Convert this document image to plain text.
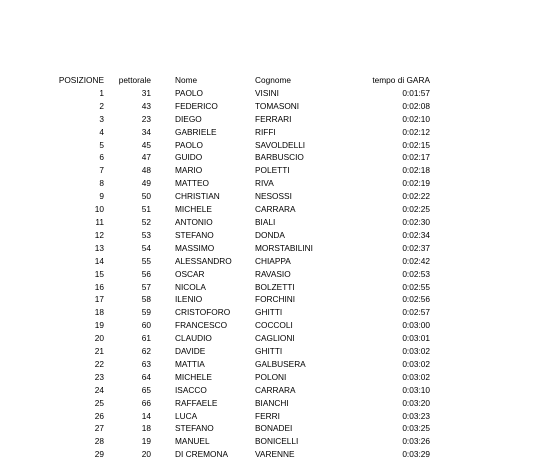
POSIZIONE	pettorale	Nome	Cognome	tempo di GARA
1	31	PAOLO	VISINI	0:01:57
2	43	FEDERICO	TOMASONI	0:02:08
3	23	DIEGO	FERRARI	0:02:10
4	34	GABRIELE	RIFFI	0:02:12
5	45	PAOLO	SAVOLDELLI	0:02:15
6	47	GUIDO	BARBUSCIO	0:02:17
7	48	MARIO	POLETTI	0:02:18
8	49	MATTEO	RIVA	0:02:19
9	50	CHRISTIAN	NESOSSI	0:02:22
10	51	MICHELE	CARRARA	0:02:25
11	52	ANTONIO	BIALI	0:02:30
12	53	STEFANO	DONDA	0:02:34
13	54	MASSIMO	MORSTABILINI	0:02:37
14	55	ALESSANDRO	CHIAPPA	0:02:42
15	56	OSCAR	RAVASIO	0:02:53
16	57	NICOLA	BOLZETTI	0:02:55
17	58	ILENIO	FORCHINI	0:02:56
18	59	CRISTOFORO	GHITTI	0:02:57
19	60	FRANCESCO	COCCOLI	0:03:00
20	61	CLAUDIO	CAGLIONI	0:03:01
21	62	DAVIDE	GHITTI	0:03:02
22	63	MATTIA	GALBUSERA	0:03:02
23	64	MICHELE	POLONI	0:03:02
24	65	ISACCO	CARRARA	0:03:10
25	66	RAFFAELE	BIANCHI	0:03:20
26	14	LUCA	FERRI	0:03:23
27	18	STEFANO	BONADEI	0:03:25
28	19	MANUEL	BONICELLI	0:03:26
29	20	DI CREMONA	VARENNE	0:03:29
